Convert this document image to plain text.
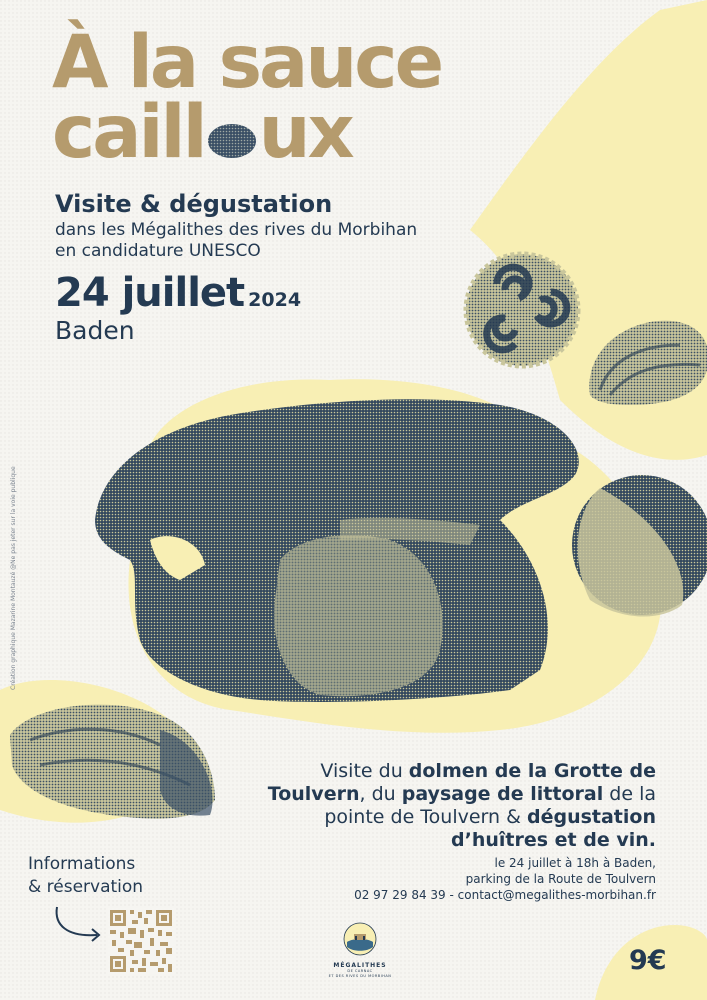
À la sauce
caill ux
Visite & dégustation
dans les Mégalithes des rives du Morbihan
en candidature UNESCO
24 juillet 2024
Baden
Création graphique Mazarine Montauzé @Ne pas jeter sur la voie publique
Visite du dolmen de la Grotte de Toulvern, du paysage de littoral de la pointe de Toulvern & dégustation d’huîtres et de vin.
le 24 juillet à 18h à Baden,
parking de la Route de Toulvern
02 97 29 84 39 - contact@megalithes-morbihan.fr
Informations
& réservation
MÉGALITHES
DE CARNAC
ET DES RIVES DU MORBIHAN	9€
